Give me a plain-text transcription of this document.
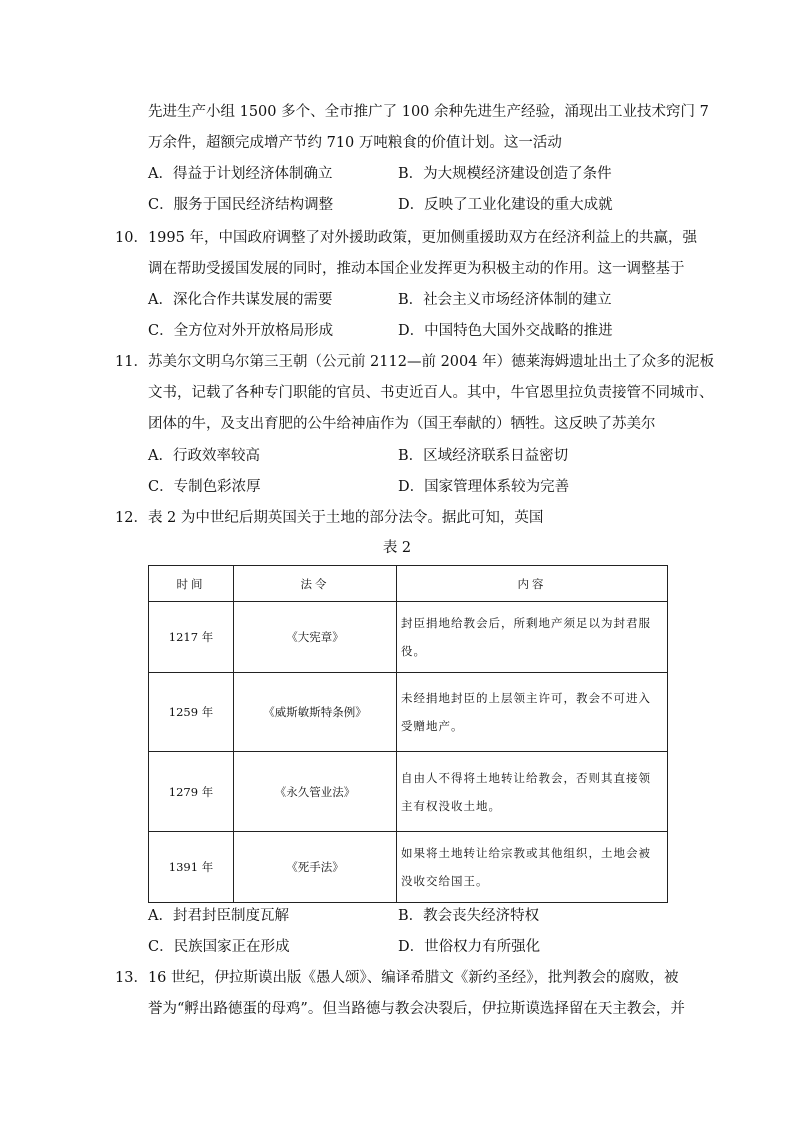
先进生产小组 1500 多个、全市推广了 100 余种先进生产经验，涌现出工业技术窍门 7
万余件，超额完成增产节约 710 万吨粮食的价值计划。这一活动
A．得益于计划经济体制确立	B．为大规模经济建设创造了条件
C．服务于国民经济结构调整	D．反映了工业化建设的重大成就
10．1995 年，中国政府调整了对外援助政策，更加侧重援助双方在经济利益上的共赢，强
调在帮助受援国发展的同时，推动本国企业发挥更为积极主动的作用。这一调整基于
A．深化合作共谋发展的需要	B．社会主义市场经济体制的建立
C．全方位对外开放格局形成	D．中国特色大国外交战略的推进
11．苏美尔文明乌尔第三王朝（公元前 2112—前 2004 年）德莱海姆遗址出土了众多的泥板
文书，记载了各种专门职能的官员、书吏近百人。其中，牛官恩里拉负责接管不同城市、
团体的牛，及支出育肥的公牛给神庙作为（国王奉献的）牺牲。这反映了苏美尔
A．行政效率较高	B．区域经济联系日益密切
C．专制色彩浓厚	D．国家管理体系较为完善
12．表 2 为中世纪后期英国关于土地的部分法令。据此可知，英国
表 2
时间	法令	内容
1217 年	《大宪章》	封臣捐地给教会后，所剩地产须足以为封君服役。
1259 年	《威斯敏斯特条例》	未经捐地封臣的上层领主许可，教会不可进入受赠地产。
1279 年	《永久管业法》	自由人不得将土地转让给教会，否则其直接领主有权没收土地。
1391 年	《死手法》	如果将土地转让给宗教或其他组织，土地会被没收交给国王。
A．封君封臣制度瓦解	B．教会丧失经济特权
C．民族国家正在形成	D．世俗权力有所强化
13．16 世纪，伊拉斯谟出版《愚人颂》、编译希腊文《新约圣经》，批判教会的腐败，被
誉为“孵出路德蛋的母鸡”。但当路德与教会决裂后，伊拉斯谟选择留在天主教会，并
